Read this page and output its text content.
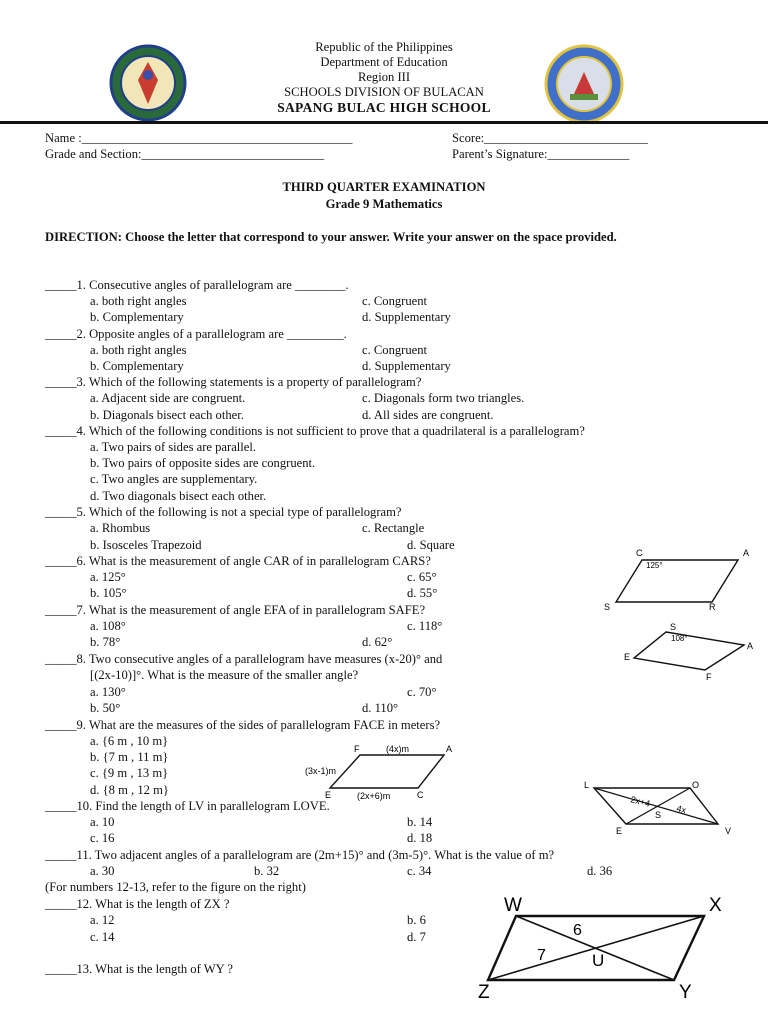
Republic of the Philippines
Department of Education
Region III
SCHOOLS DIVISION OF BULACAN
SAPANG BULAC HIGH SCHOOL
Name :___________________________________________	Score:__________________________
Grade and Section:_____________________________	Parent’s Signature:_____________
THIRD QUARTER EXAMINATION
Grade 9 Mathematics
DIRECTION: Choose the letter that correspond to your answer. Write your answer on the space provided.
_____1. Consecutive angles of parallelogram are ________.
a. both right angles	c. Congruent
b. Complementary	d. Supplementary
_____2. Opposite angles of a parallelogram are _________.
a. both right angles	c. Congruent
b. Complementary	d. Supplementary
_____3. Which of the following statements is a property of parallelogram?
a. Adjacent side are congruent.	c. Diagonals form two triangles.
b. Diagonals bisect each other.	d. All sides are congruent.
_____4. Which of the following conditions is not sufficient to prove that a quadrilateral is a parallelogram?
a. Two pairs of sides are parallel.
b. Two pairs of opposite sides are congruent.
c. Two angles are supplementary.
d. Two diagonals bisect each other.
_____5. Which of the following is not a special type of parallelogram?
a. Rhombus	c. Rectangle
b. Isosceles Trapezoid	d. Square
_____6. What is the measurement of angle CAR of in parallelogram CARS?
a. 125°	c. 65°
b. 105°	d. 55°
_____7. What is the measurement of angle EFA of in parallelogram SAFE?
a. 108°	c. 118°
b. 78°	d. 62°
_____8. Two consecutive angles of a parallelogram have measures (x-20)° and
[(2x-10)]°. What is the measure of the smaller angle?
a. 130°	c. 70°
b. 50°	d. 110°
_____9. What are the measures of the sides of parallelogram FACE in meters?
a. {6 m , 10 m}
b. {7 m , 11 m}
c. {9 m , 13 m}
d. {8 m , 12 m}
_____10. Find the length of LV in parallelogram LOVE.
a. 10	b. 14
c. 16	d. 18
_____11. Two adjacent angles of a parallelogram are (2m+15)° and (3m-5)°. What is the value of m?
a. 30	b. 32	c. 34	d. 36
(For numbers 12-13, refer to the figure on the right)
_____12. What is the length of ZX ?
a. 12	b. 6
c. 14	d. 7
_____13. What is the length of WY ?
C	A
S	R
125°
S
A
F
E
108°
F	A
C
E
(4x)m
(3x-1)m
(2x+6)m
L	O
V
E
S
2x+4
4x
W	X
Y
Z
U
6
7
